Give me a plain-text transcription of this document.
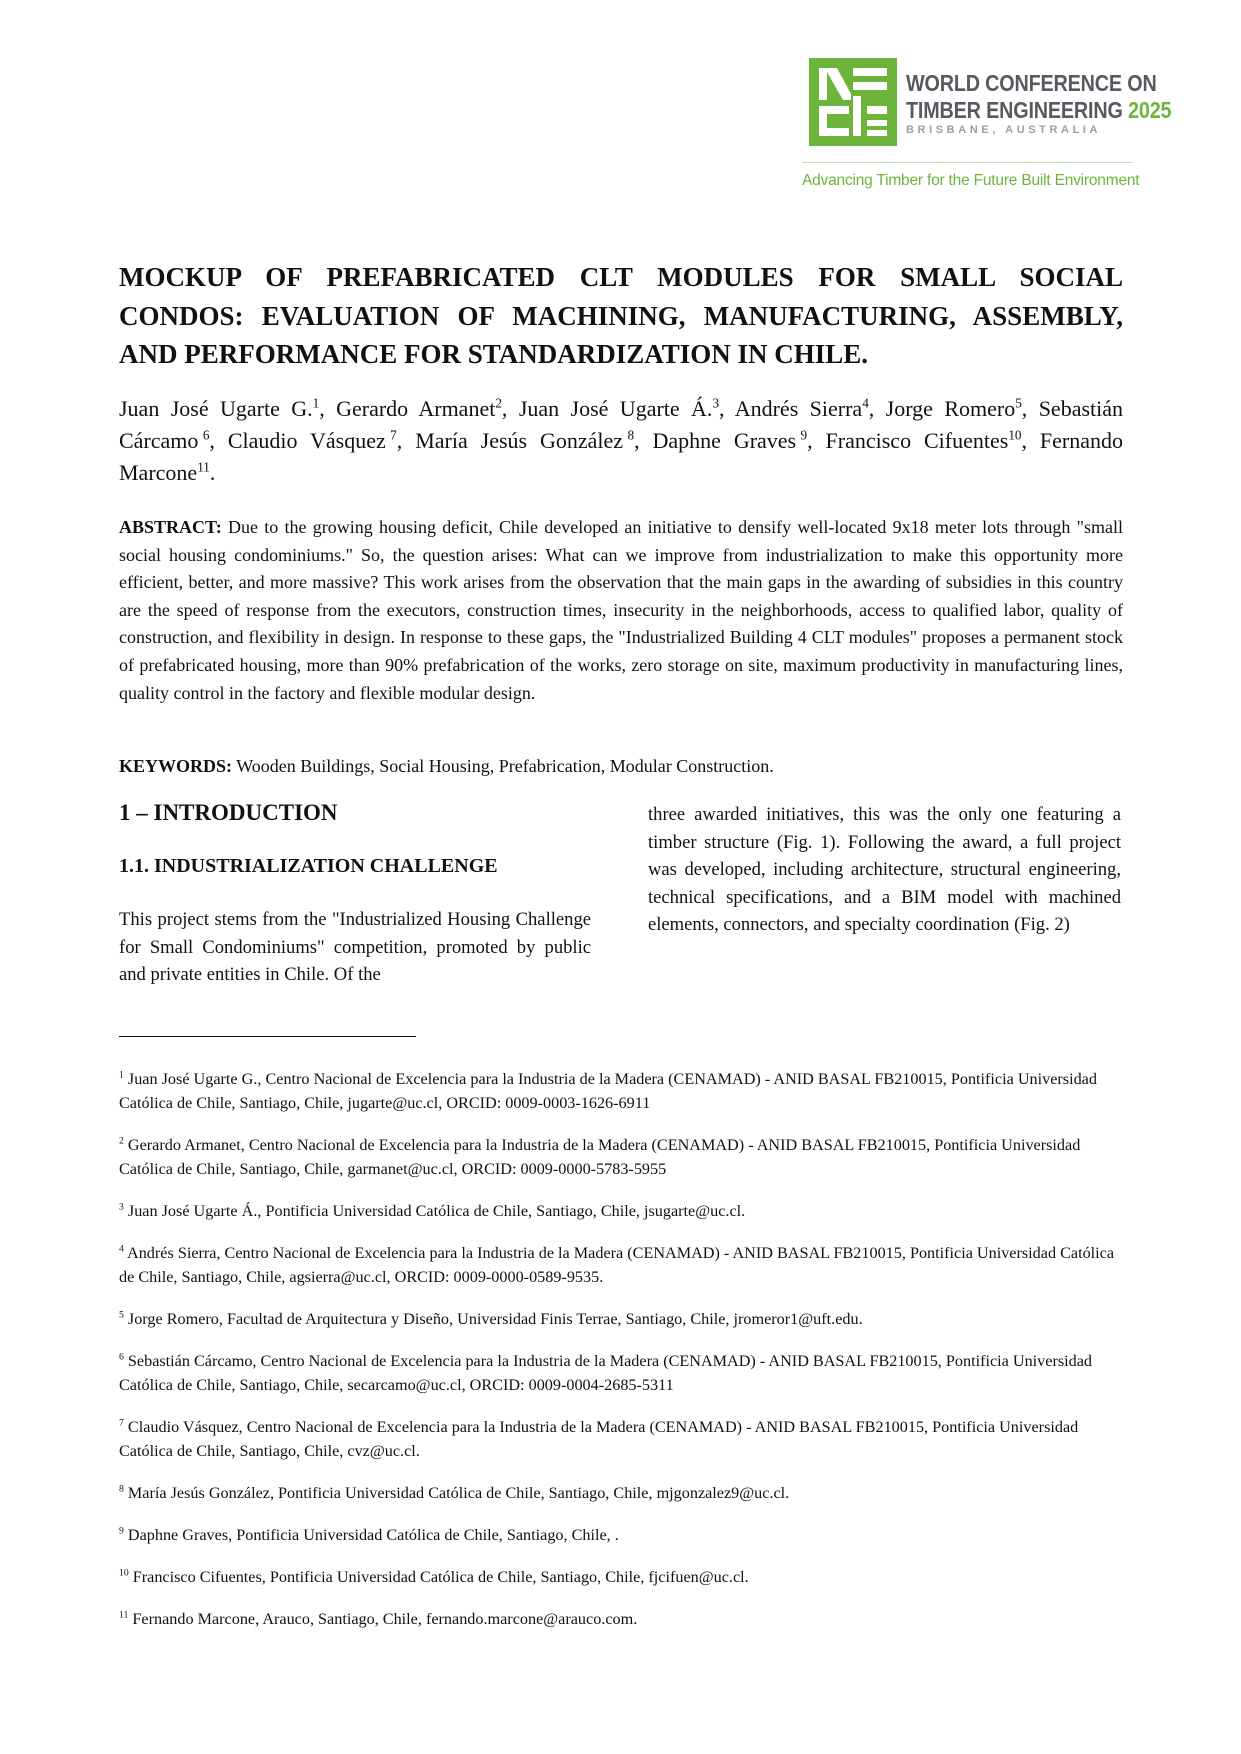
WORLD CONFERENCE ON
TIMBER ENGINEERING 2025
BRISBANE, AUSTRALIA
Advancing Timber for the Future Built Environment
MOCKUP OF PREFABRICATED CLT MODULES FOR SMALL SOCIAL CONDOS: EVALUATION OF MACHINING, MANUFACTURING, ASSEMBLY, AND PERFORMANCE FOR STANDARDIZATION IN CHILE.
Juan José Ugarte G.$^1$, Gerardo Armanet$^2$, Juan José Ugarte Á.$^3$, Andrés Sierra$^4$, Jorge Romero$^5$, Sebastián Cárcamo  $^6$, Claudio Vásquez  $^7$, María Jesús González  $^8$, Daphne Graves  $^9$, Francisco Cifuentes$^{10}$, Fernando Marcone$^{11}$.
ABSTRACT: Due to the growing housing deficit, Chile developed an initiative to densify well-located 9x18 meter lots through "small social housing condominiums." So, the question arises: What can we improve from industrialization to make this opportunity more efficient, better, and more massive? This work arises from the observation that the main gaps in the awarding of subsidies in this country are the speed of response from the executors, construction times, insecurity in the neighborhoods, access to qualified labor, quality of construction, and flexibility in design. In response to these gaps, the "Industrialized Building 4 CLT modules" proposes a permanent stock of prefabricated housing, more than 90% prefabrication of the works, zero storage on site, maximum productivity in manufacturing lines, quality control in the factory and flexible modular design.
KEYWORDS: Wooden Buildings, Social Housing, Prefabrication, Modular Construction.
1 – INTRODUCTION
1.1. INDUSTRIALIZATION CHALLENGE
This project stems from the "Industrialized Housing Challenge for Small Condominiums" competition, promoted by public and private entities in Chile. Of the
three awarded initiatives, this was the only one featuring a timber structure (Fig. 1). Following the award, a full project was developed, including architecture, structural engineering, technical specifications, and a BIM model with machined elements, connectors, and specialty coordination (Fig. 2)

$^1$ Juan José Ugarte G., Centro Nacional de Excelencia para la Industria de la Madera (CENAMAD) - ANID BASAL FB210015, Pontificia Universidad Católica de Chile, Santiago, Chile, jugarte@uc.cl, ORCID: 0009-0003-1626-6911

$^2$ Gerardo Armanet, Centro Nacional de Excelencia para la Industria de la Madera (CENAMAD) - ANID BASAL FB210015, Pontificia Universidad Católica de Chile, Santiago, Chile, garmanet@uc.cl, ORCID: 0009-0000-5783-5955

$^3$ Juan José Ugarte Á., Pontificia Universidad Católica de Chile, Santiago, Chile, jsugarte@uc.cl.

$^4$ Andrés Sierra, Centro Nacional de Excelencia para la Industria de la Madera (CENAMAD) - ANID BASAL FB210015, Pontificia Universidad Católica de Chile, Santiago, Chile, agsierra@uc.cl, ORCID: 0009-0000-0589-9535.

$^5$ Jorge Romero, Facultad de Arquitectura y Diseño, Universidad Finis Terrae, Santiago, Chile, jromeror1@uft.edu.

$^6$ Sebastián Cárcamo, Centro Nacional de Excelencia para la Industria de la Madera (CENAMAD) - ANID BASAL FB210015, Pontificia Universidad Católica de Chile, Santiago, Chile, secarcamo@uc.cl, ORCID: 0009-0004-2685-5311

$^7$ Claudio Vásquez, Centro Nacional de Excelencia para la Industria de la Madera (CENAMAD) - ANID BASAL FB210015, Pontificia Universidad Católica de Chile, Santiago, Chile, cvz@uc.cl.

$^8$ María Jesús González, Pontificia Universidad Católica de Chile, Santiago, Chile, mjgonzalez9@uc.cl.

$^9$ Daphne Graves, Pontificia Universidad Católica de Chile, Santiago, Chile, .

$^{10}$ Francisco Cifuentes, Pontificia Universidad Católica de Chile, Santiago, Chile, fjcifuen@uc.cl.

$^{11}$ Fernando Marcone, Arauco, Santiago, Chile, fernando.marcone@arauco.com.
